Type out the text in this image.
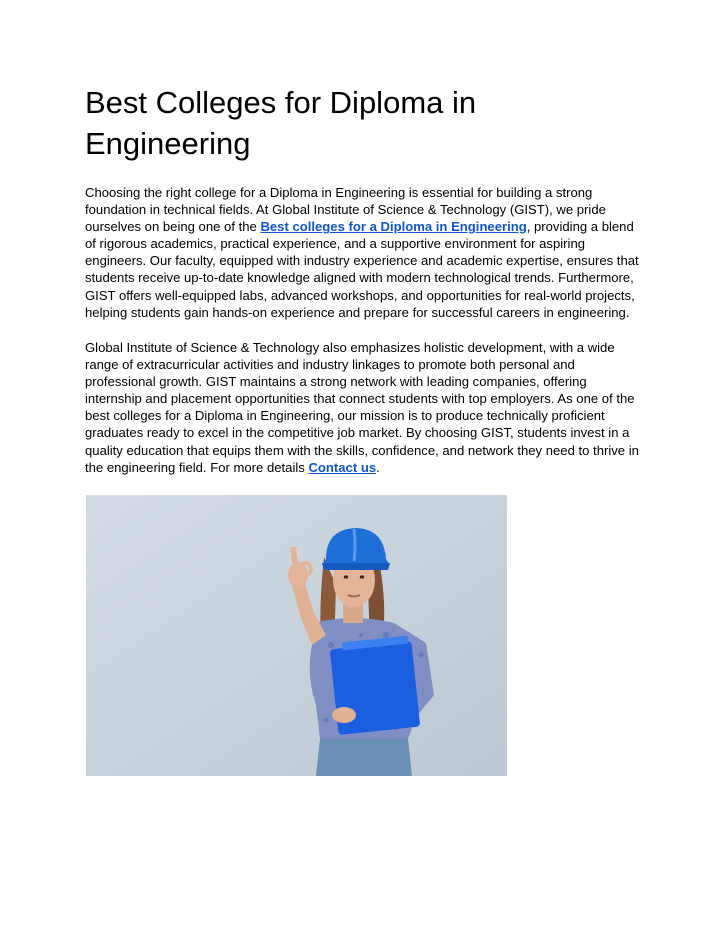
Best Colleges for Diploma in
Engineering

Choosing the right college for a Diploma in Engineering is essential for building a strong
foundation in technical fields. At Global Institute of Science & Technology (GIST), we pride
ourselves on being one of the Best colleges for a Diploma in Engineering, providing a blend
of rigorous academics, practical experience, and a supportive environment for aspiring
engineers. Our faculty, equipped with industry experience and academic expertise, ensures that
students receive up-to-date knowledge aligned with modern technological trends. Furthermore,
GIST offers well-equipped labs, advanced workshops, and opportunities for real-world projects,
helping students gain hands-on experience and prepare for successful careers in engineering.

Global Institute of Science & Technology also emphasizes holistic development, with a wide
range of extracurricular activities and industry linkages to promote both personal and
professional growth. GIST maintains a strong network with leading companies, offering
internship and placement opportunities that connect students with top employers. As one of the
best colleges for a Diploma in Engineering, our mission is to produce technically proficient
graduates ready to excel in the competitive job market. By choosing GIST, students invest in a
quality education that equips them with the skills, confidence, and network they need to thrive in
the engineering field. For more details Contact us.
